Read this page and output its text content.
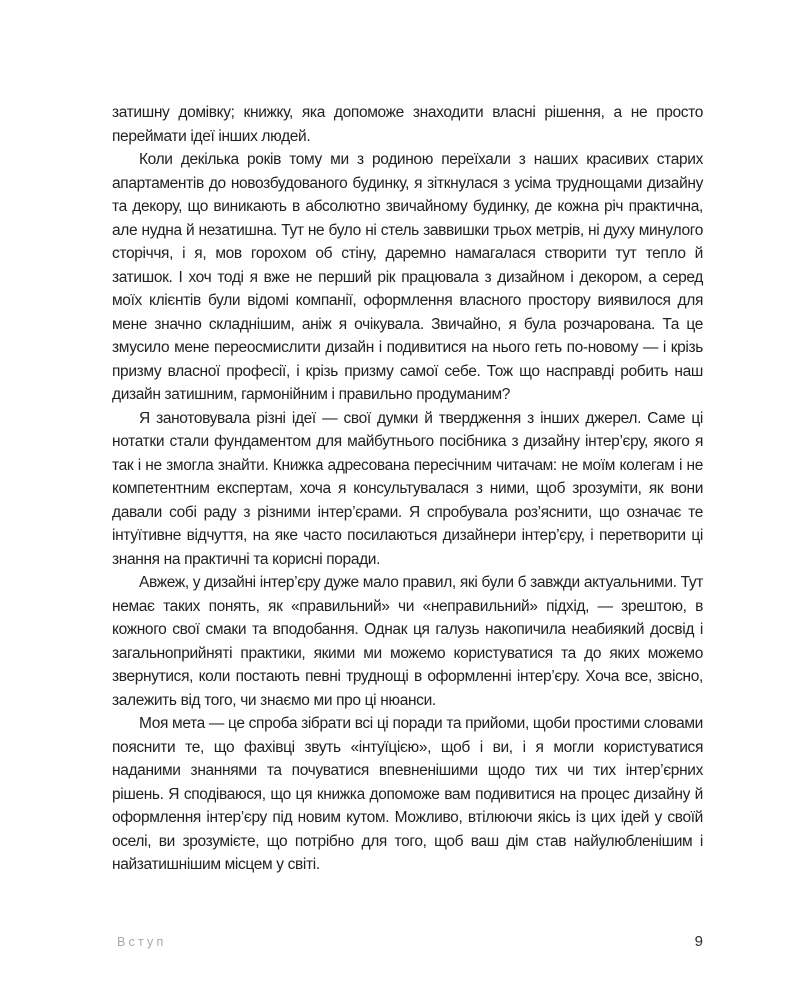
затишну домівку; книжку, яка допоможе знаходити власні рішення, а не просто переймати ідеї інших людей.

Коли декілька років тому ми з родиною переїхали з наших красивих старих апартаментів до новозбудованого будинку, я зіткнулася з усіма труднощами дизайну та декору, що виникають в абсолютно звичайному будинку, де кожна річ практична, але нудна й незатишна. Тут не було ні стель заввишки трьох метрів, ні духу минулого сторіччя, і я, мов горохом об стіну, даремно намагалася створити тут тепло й затишок. І хоч тоді я вже не перший рік працювала з дизайном і декором, а серед моїх клієнтів були відомі компанії, оформлення власного простору виявилося для мене значно складнішим, аніж я очікувала. Звичайно, я була розчарована. Та це змусило мене переосмислити дизайн і подивитися на нього геть по-новому — і крізь призму власної професії, і крізь призму самої себе. Тож що насправді робить наш дизайн затишним, гармонійним і правильно продуманим?

Я занотовувала різні ідеї — свої думки й твердження з інших джерел. Саме ці нотатки стали фундаментом для майбутнього посібника з дизайну інтер’єру, якого я так і не змогла знайти. Книжка адресована пересічним читачам: не моїм колегам і не компетентним експертам, хоча я консультувалася з ними, щоб зрозуміти, як вони давали собі раду з різними інтер’єрами. Я спробувала роз’яснити, що означає те інтуїтивне відчуття, на яке часто посилаються дизайнери інтер’єру, і перетворити ці знання на практичні та корисні поради.

Авжеж, у дизайні інтер’єру дуже мало правил, які були б завжди актуальними. Тут немає таких понять, як «правильний» чи «неправильний» підхід, — зрештою, в кожного свої смаки та вподобання. Однак ця галузь накопичила неабиякий досвід і загальноприйняті практики, якими ми можемо користуватися та до яких можемо звернутися, коли постають певні труднощі в оформленні інтер’єру. Хоча все, звісно, залежить від того, чи знаємо ми про ці нюанси.

Моя мета — це спроба зібрати всі ці поради та прийоми, щоби простими словами пояснити те, що фахівці звуть «інтуїцією», щоб і ви, і я могли користуватися наданими знаннями та почуватися впевненішими щодо тих чи тих інтер’єрних рішень. Я сподіваюся, що ця книжка допоможе вам подивитися на процес дизайну й оформлення інтер’єру під новим кутом. Можливо, втілюючи якісь із цих ідей у своїй оселі, ви зрозумієте, що потрібно для того, щоб ваш дім став найулюбленішим і найзатишнішим місцем у світі.

Вступ	9
